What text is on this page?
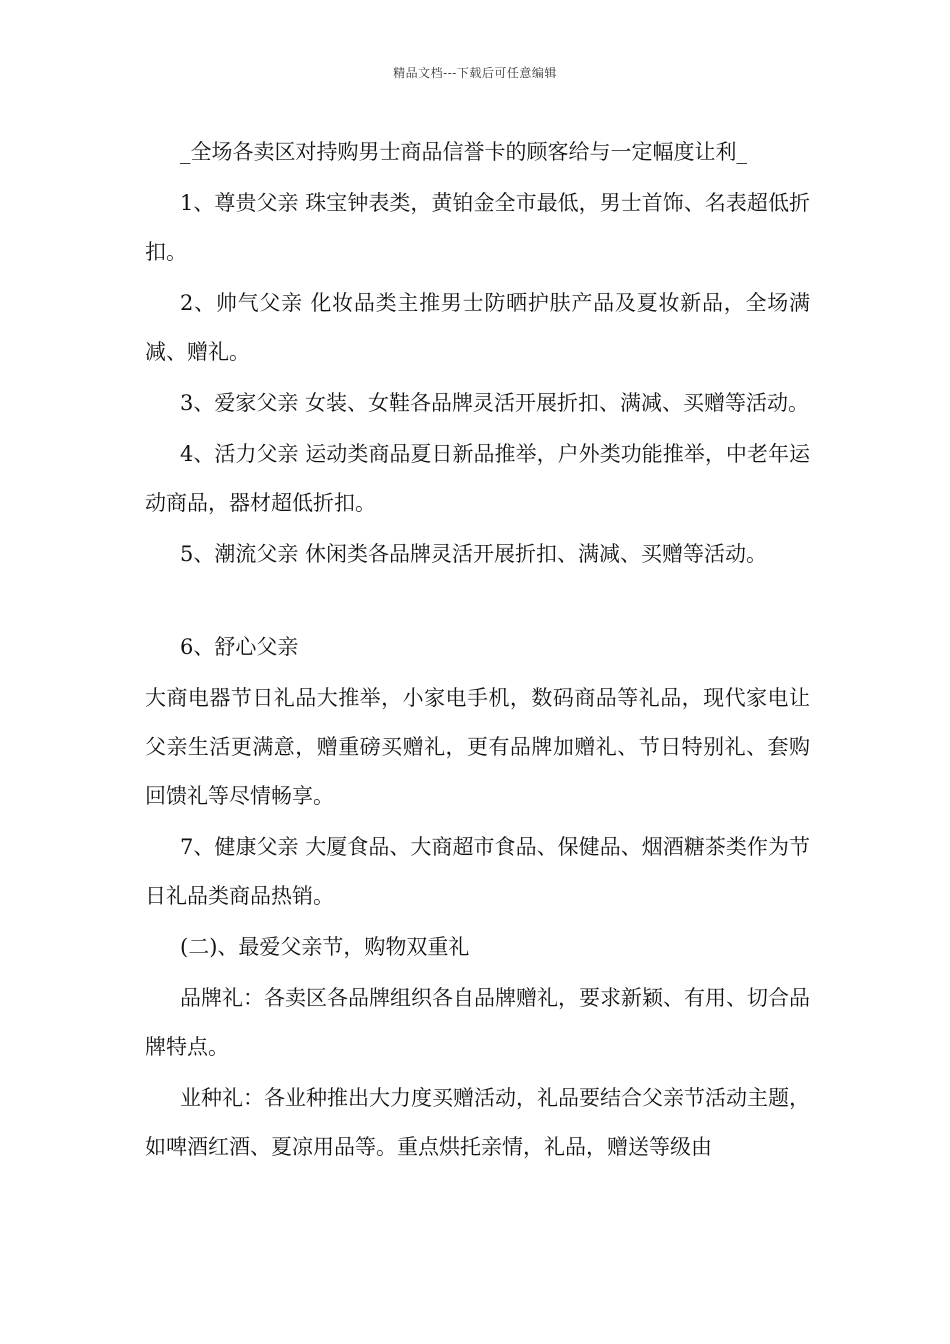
精品文档---下载后可任意编辑

_全场各卖区对持购男士商品信誉卡的顾客给与一定幅度让利_

1、尊贵父亲 珠宝钟表类，黄铂金全市最低，男士首饰、名表超低折扣。

2、帅气父亲 化妆品类主推男士防晒护肤产品及夏妆新品，全场满减、赠礼。

3、爱家父亲 女装、女鞋各品牌灵活开展折扣、满减、买赠等活动。

4、活力父亲 运动类商品夏日新品推举，户外类功能推举，中老年运动商品，器材超低折扣。

5、潮流父亲 休闲类各品牌灵活开展折扣、满减、买赠等活动。

6、舒心父亲

大商电器节日礼品大推举，小家电手机，数码商品等礼品，现代家电让父亲生活更满意，赠重磅买赠礼，更有品牌加赠礼、节日特别礼、套购回馈礼等尽情畅享。

7、健康父亲 大厦食品、大商超市食品、保健品、烟酒糖茶类作为节日礼品类商品热销。

(二)、最爱父亲节，购物双重礼

品牌礼：各卖区各品牌组织各自品牌赠礼，要求新颖、有用、切合品牌特点。

业种礼：各业种推出大力度买赠活动，礼品要结合父亲节活动主题，如啤酒红酒、夏凉用品等。重点烘托亲情，礼品，赠送等级由
